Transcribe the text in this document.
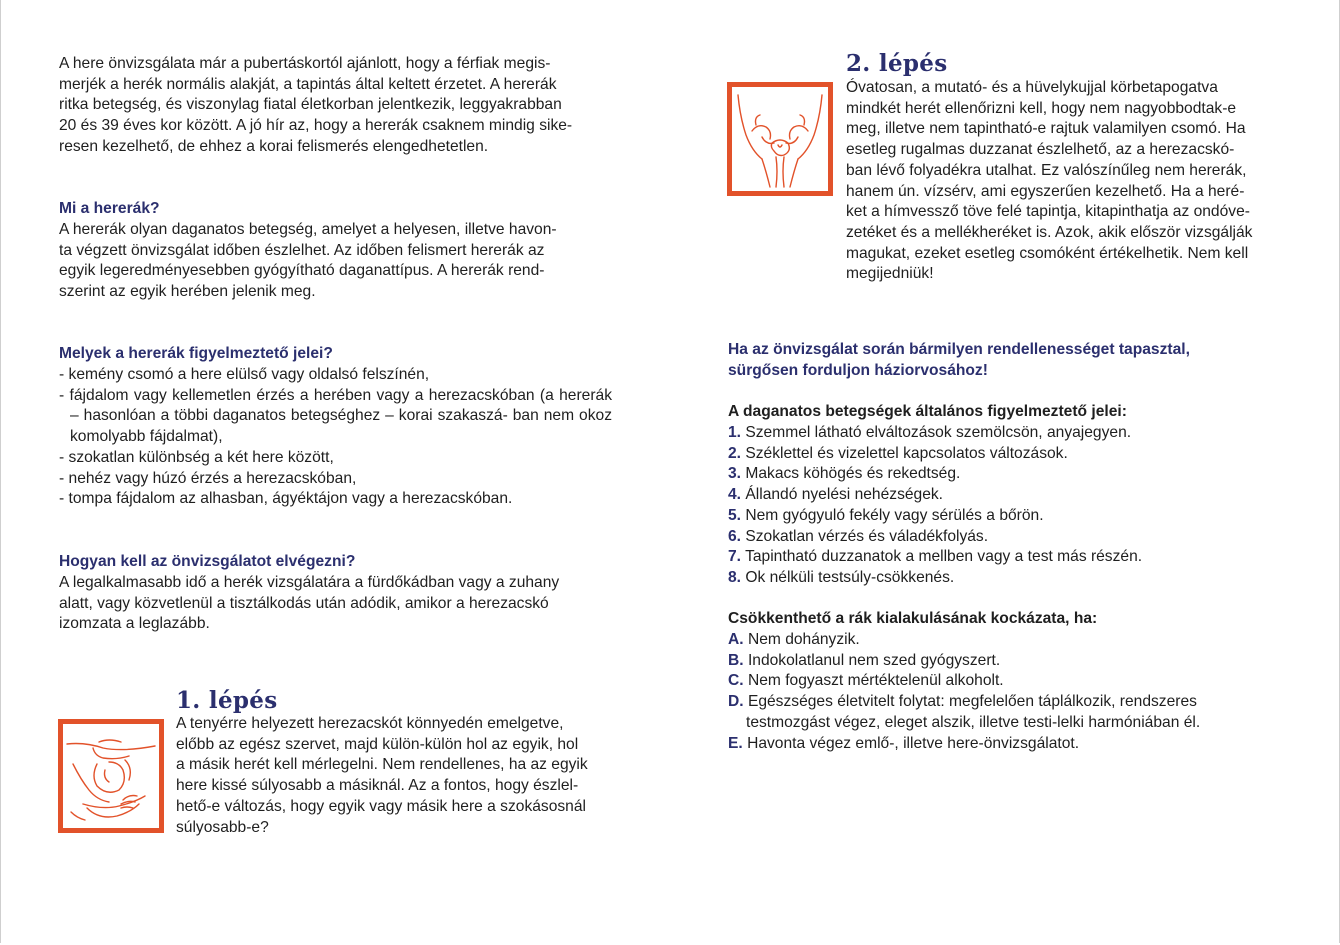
A here önvizsgálata már a pubertáskortól ajánlott, hogy a férfiak megis-
merjék a herék normális alakját, a tapintás által keltett érzetet. A hererák
ritka betegség, és viszonylag fiatal életkorban jelentkezik, leggyakrabban
20 és 39 éves kor között. A jó hír az, hogy a hererák csaknem mindig sike-
resen kezelhető, de ehhez a korai felismerés elengedhetetlen.
Mi a hererák?
A hererák olyan daganatos betegség, amelyet a helyesen, illetve havon-
ta végzett önvizsgálat időben észlelhet. Az időben felismert hererák az
egyik legeredményesebben gyógyítható daganattípus. A hererák rend-
szerint az egyik herében jelenik meg.
Melyek a hererák figyelmeztető jelei?
- kemény csomó a here elülső vagy oldalsó felszínén,
- fájdalom vagy kellemetlen érzés a herében vagy a herezacskóban (a hererák – hasonlóan a többi daganatos betegséghez – korai szakaszá- ban nem okoz komolyabb fájdalmat),
- szokatlan különbség a két here között,
- nehéz vagy húzó érzés a herezacskóban,
- tompa fájdalom az alhasban, ágyéktájon vagy a herezacskóban.
Hogyan kell az önvizsgálatot elvégezni?
A legalkalmasabb idő a herék vizsgálatára a fürdőkádban vagy a zuhany
alatt, vagy közvetlenül a tisztálkodás után adódik, amikor a herezacskó
izomzata a leglazább.
1. lépés
A tenyérre helyezett herezacskót könnyedén emelgetve,
előbb az egész szervet, majd külön-külön hol az egyik, hol
a másik herét kell mérlegelni. Nem rendellenes, ha az egyik
here kissé súlyosabb a másiknál. Az a fontos, hogy észlel-
hető-e változás, hogy egyik vagy másik here a szokásosnál
súlyosabb-e?
2. lépés
Óvatosan, a mutató- és a hüvelykujjal körbetapogatva
mindkét herét ellenőrizni kell, hogy nem nagyobbodtak-e
meg, illetve nem tapintható-e rajtuk valamilyen csomó. Ha
esetleg rugalmas duzzanat észlelhető, az a herezacskó-
ban lévő folyadékra utalhat. Ez valószínűleg nem hererák,
hanem ún. vízsérv, ami egyszerűen kezelhető. Ha a heré-
ket a hímvessző töve felé tapintja, kitapinthatja az ondóve-
zetéket és a mellékheréket is. Azok, akik először vizsgálják
magukat, ezeket esetleg csomóként értékelhetik. Nem kell
megijedniük!
Ha az önvizsgálat során bármilyen rendellenességet tapasztal,
sürgősen forduljon háziorvosához!
A daganatos betegségek általános figyelmeztető jelei:
1. Szemmel látható elváltozások szemölcsön, anyajegyen.
2. Széklettel és vizelettel kapcsolatos változások.
3. Makacs köhögés és rekedtség.
4. Állandó nyelési nehézségek.
5. Nem gyógyuló fekély vagy sérülés a bőrön.
6. Szokatlan vérzés és váladékfolyás.
7. Tapintható duzzanatok a mellben vagy a test más részén.
8. Ok nélküli testsúly-csökkenés.
Csökkenthető a rák kialakulásának kockázata, ha:
A. Nem dohányzik.
B. Indokolatlanul nem szed gyógyszert.
C. Nem fogyaszt mértéktelenül alkoholt.
D. Egészséges életvitelt folytat: megfelelően táplálkozik, rendszeres testmozgást végez, eleget alszik, illetve testi-lelki harmóniában él.
E. Havonta végez emlő-, illetve here-önvizsgálatot.
